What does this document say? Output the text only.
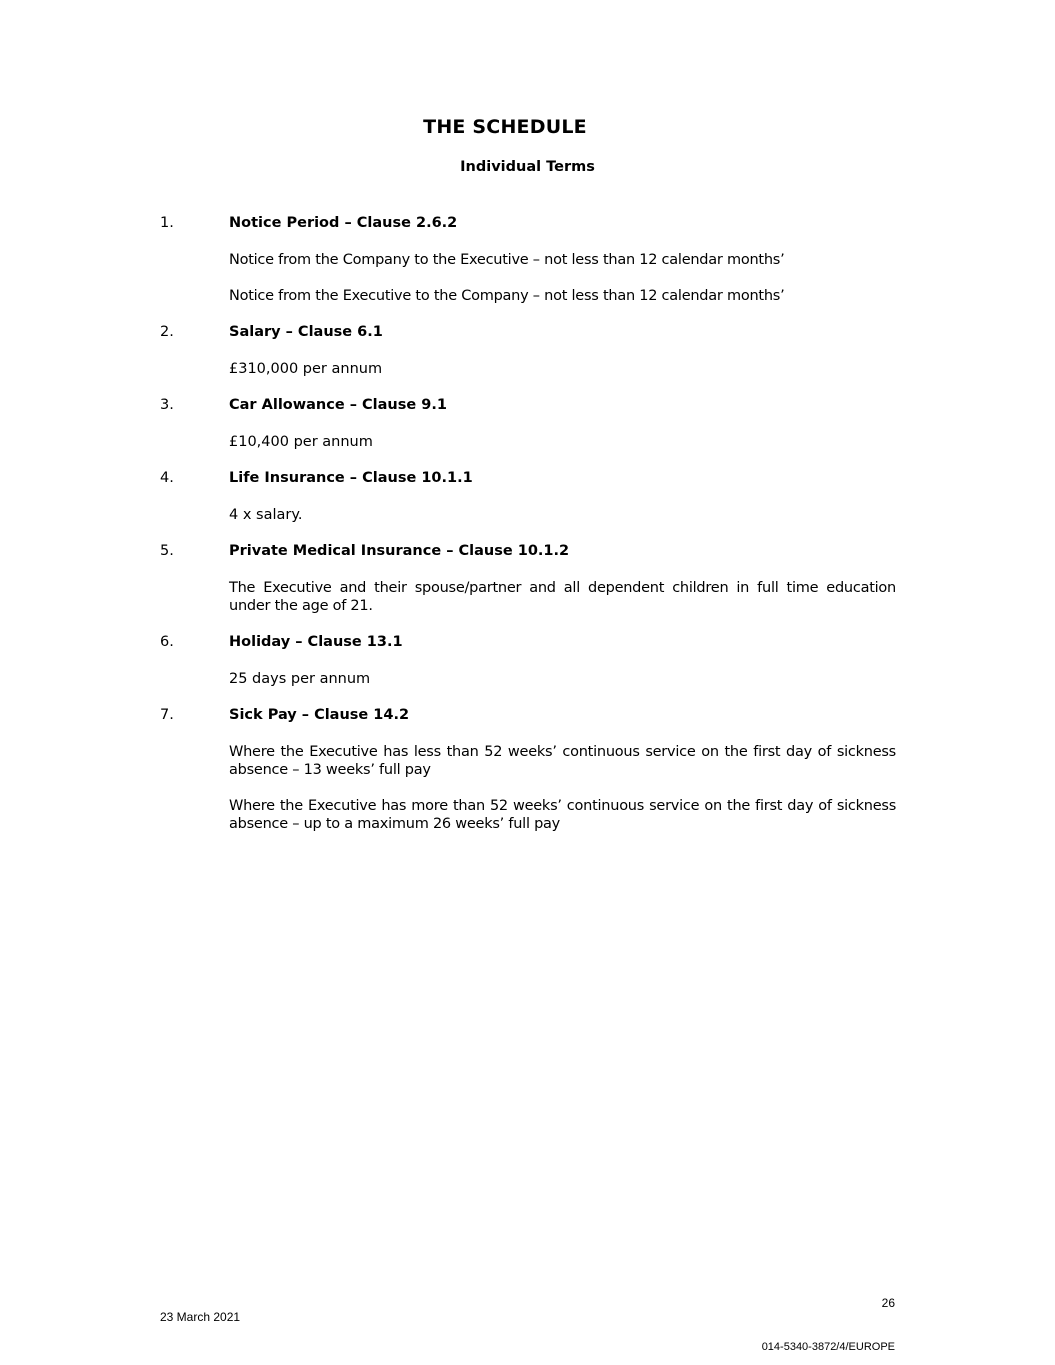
THE SCHEDULE
Individual Terms
1.	Notice Period – Clause 2.6.2
Notice from the Company to the Executive – not less than 12 calendar months’
Notice from the Executive to the Company – not less than 12 calendar months’
2.	Salary – Clause 6.1
£310,000 per annum
3.	Car Allowance – Clause 9.1
£10,400 per annum
4.	Life Insurance – Clause 10.1.1
4 x salary.
5.	Private Medical Insurance – Clause 10.1.2
The Executive and their spouse/partner and all dependent children in full time education under the age of 21.
6.	Holiday – Clause 13.1
25 days per annum
7.	Sick Pay – Clause 14.2
Where the Executive has less than 52 weeks’ continuous service on the first day of sickness absence – 13 weeks’ full pay
Where the Executive has more than 52 weeks’ continuous service on the first day of sickness absence – up to a maximum 26 weeks’ full pay
26
23 March 2021
014-5340-3872/4/EUROPE
